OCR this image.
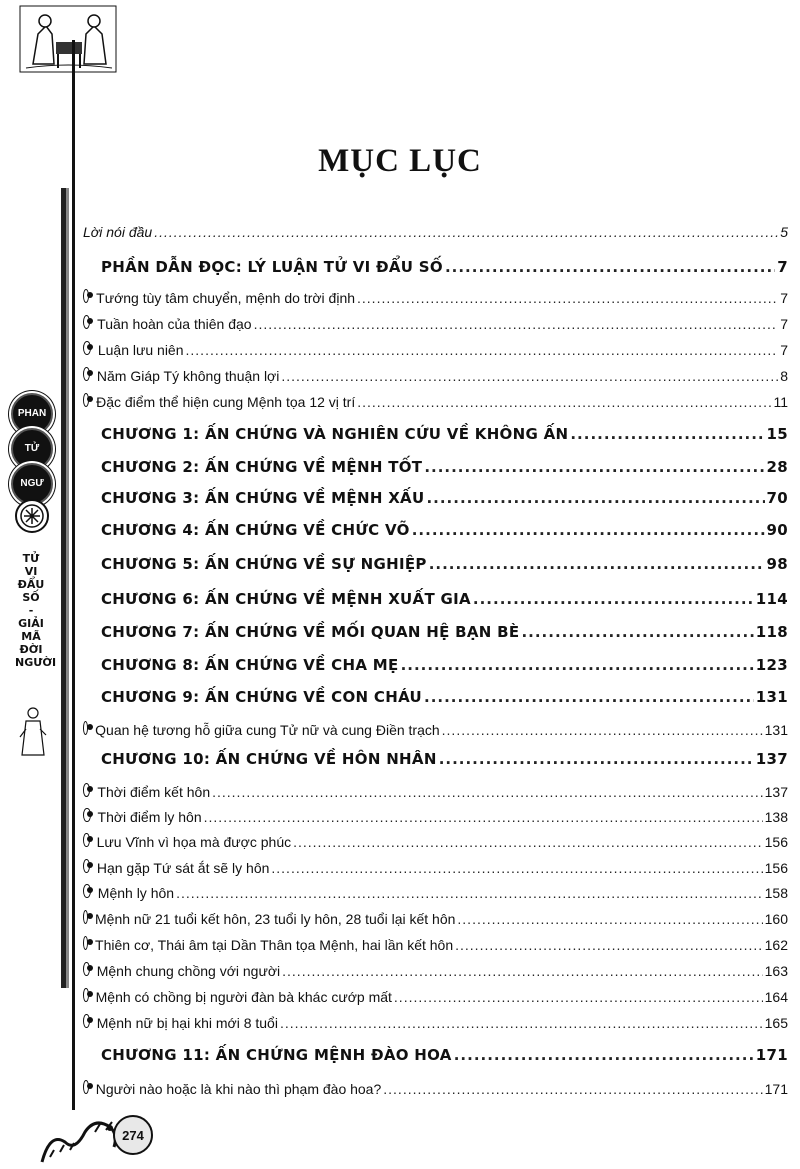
PHAN
TỬ
NGƯ
TỬ
VI
ĐẨU
SỐ
-
GIẢI
MÃ
ĐỜI
NGƯỜI
274
MỤC LỤC
Lời nói đầu .....	5
PHẦN DẪN ĐỌC: LÝ LUẬN TỬ VI ĐẨU SỐ .....	7
Tướng tùy tâm chuyển, mệnh do trời định .....	7
Tuần hoàn của thiên đạo .....	7
Luận lưu niên .....	7
Năm Giáp Tý không thuận lợi .....	8
Đặc điểm thể hiện cung Mệnh tọa 12 vị trí .....	11
CHƯƠNG 1: ẤN CHỨNG VÀ NGHIÊN CỨU VỀ KHÔNG ẤN .....	15
CHƯƠNG 2: ẤN CHỨNG VỀ MỆNH TỐT .....	28
CHƯƠNG 3: ẤN CHỨNG VỀ MỆNH XẤU .....	70
CHƯƠNG 4: ẤN CHỨNG VỀ CHỨC VÕ .....	90
CHƯƠNG 5: ẤN CHỨNG VỀ SỰ NGHIỆP .....	98
CHƯƠNG 6: ẤN CHỨNG VỀ MỆNH XUẤT GIA .....	114
CHƯƠNG 7: ẤN CHỨNG VỀ MỐI QUAN HỆ BẠN BÈ .....	118
CHƯƠNG 8: ẤN CHỨNG VỀ CHA MẸ .....	123
CHƯƠNG 9: ẤN CHỨNG VỀ CON CHÁU .....	131
Quan hệ tương hỗ giữa cung Tử nữ và cung Điền trạch .....	131
CHƯƠNG 10: ẤN CHỨNG VỀ HÔN NHÂN .....	137
Thời điểm kết hôn .....	137
Thời điểm ly hôn .....	138
Lưu Vĩnh vì họa mà được phúc .....	156
Hạn gặp Tứ sát ắt sẽ ly hôn .....	156
Mệnh ly hôn .....	158
Mệnh nữ 21 tuổi kết hôn, 23 tuổi ly hôn, 28 tuổi lại kết hôn .....	160
Thiên cơ, Thái âm tại Dần Thân tọa Mệnh, hai lần kết hôn .....	162
Mệnh chung chồng với người .....	163
Mệnh có chồng bị người đàn bà khác cướp mất .....	164
Mệnh nữ bị hại khi mới 8 tuổi .....	165
CHƯƠNG 11: ẤN CHỨNG MỆNH ĐÀO HOA .....	171
Người nào hoặc là khi nào thì phạm đào hoa? .....	171
